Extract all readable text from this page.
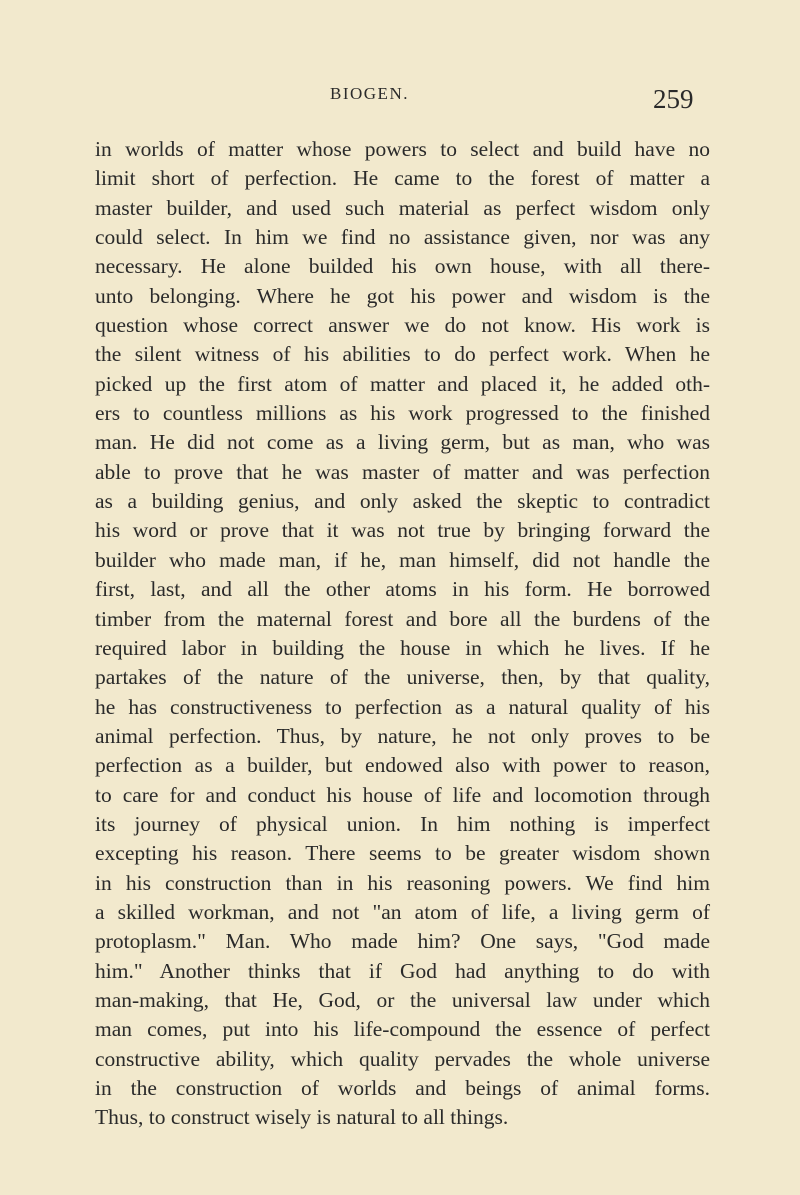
BIOGEN.	259
in worlds of matter whose powers to select and build have no
limit short of perfection. He came to the forest of matter a
master builder, and used such material as perfect wisdom only
could select. In him we find no assistance given, nor was any
necessary. He alone builded his own house, with all there-
unto belonging. Where he got his power and wisdom is the
question whose correct answer we do not know. His work is
the silent witness of his abilities to do perfect work. When he
picked up the first atom of matter and placed it, he added oth-
ers to countless millions as his work progressed to the finished
man. He did not come as a living germ, but as man, who was
able to prove that he was master of matter and was perfection
as a building genius, and only asked the skeptic to contradict
his word or prove that it was not true by bringing forward the
builder who made man, if he, man himself, did not handle the
first, last, and all the other atoms in his form. He borrowed
timber from the maternal forest and bore all the burdens of the
required labor in building the house in which he lives. If he
partakes of the nature of the universe, then, by that quality,
he has constructiveness to perfection as a natural quality of his
animal perfection. Thus, by nature, he not only proves to be
perfection as a builder, but endowed also with power to reason,
to care for and conduct his house of life and locomotion through
its journey of physical union. In him nothing is imperfect
excepting his reason. There seems to be greater wisdom shown
in his construction than in his reasoning powers. We find him
a skilled workman, and not "an atom of life, a living germ of
protoplasm." Man. Who made him? One says, "God made
him." Another thinks that if God had anything to do with
man-making, that He, God, or the universal law under which
man comes, put into his life-compound the essence of perfect
constructive ability, which quality pervades the whole universe
in the construction of worlds and beings of animal forms.
Thus, to construct wisely is natural to all things.
